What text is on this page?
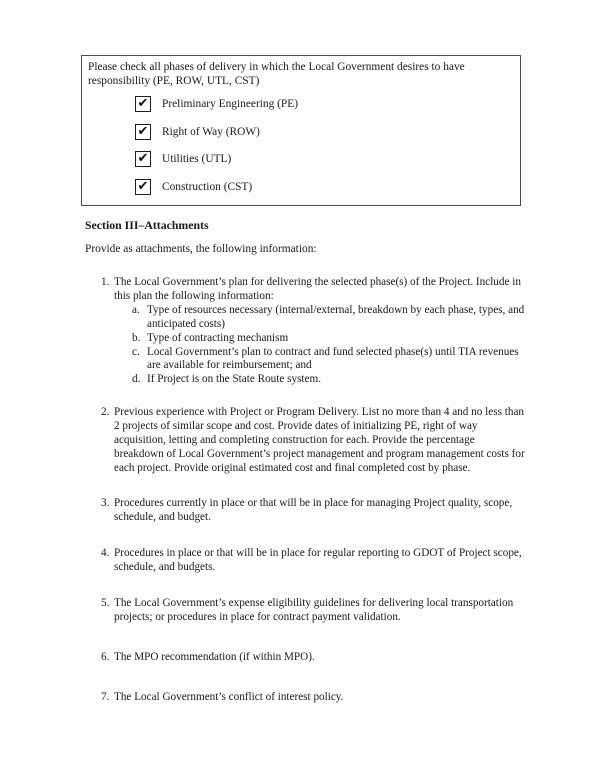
Please check all phases of delivery in which the Local Government desires to have responsibility (PE, ROW, UTL, CST)
✔ Preliminary Engineering (PE)
✔ Right of Way (ROW)
✔ Utilities (UTL)
✔ Construction (CST)
Section III–Attachments

Provide as attachments, the following information:

1. The Local Government’s plan for delivering the selected phase(s) of the Project. Include in this plan the following information:
a. Type of resources necessary (internal/external, breakdown by each phase, types, and anticipated costs)
b. Type of contracting mechanism
c. Local Government’s plan to contract and fund selected phase(s) until TIA revenues are available for reimbursement; and
d. If Project is on the State Route system.
2. Previous experience with Project or Program Delivery. List no more than 4 and no less than 2 projects of similar scope and cost. Provide dates of initializing PE, right of way acquisition, letting and completing construction for each. Provide the percentage breakdown of Local Government’s project management and program management costs for each project. Provide original estimated cost and final completed cost by phase.
3. Procedures currently in place or that will be in place for managing Project quality, scope, schedule, and budget.
4. Procedures in place or that will be in place for regular reporting to GDOT of Project scope, schedule, and budgets.
5. The Local Government’s expense eligibility guidelines for delivering local transportation projects; or procedures in place for contract payment validation.
6. The MPO recommendation (if within MPO).
7. The Local Government’s conflict of interest policy.
